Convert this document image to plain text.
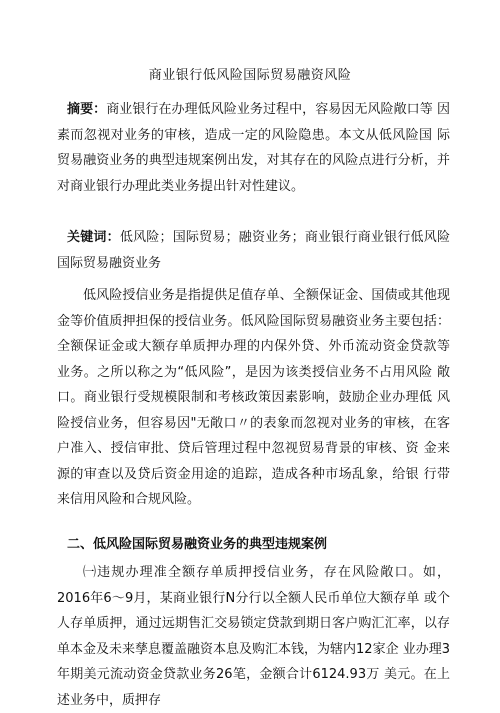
商业银行低风险国际贸易融资风险

摘要：商业银行在办理低风险业务过程中，容易因无风险敞口等 因素而忽视对业务的审核，造成一定的风险隐患。本文从低风险国 际贸易融资业务的典型违规案例出发，对其存在的风险点进行分析，并对商业银行办理此类业务提出针对性建议。

关键词：低风险；国际贸易；融资业务；商业银行商业银行低风险国际贸易融资业务

低风险授信业务是指提供足值存单、全额保证金、国债或其他现 金等价值质押担保的授信业务。低风险国际贸易融资业务主要包括：全额保证金或大额存单质押办理的内保外贷、外币流动资金贷款等 业务。之所以称之为“低风险”，是因为该类授信业务不占用风险 敞口。商业银行受规模限制和考核政策因素影响，鼓励企业办理低 风险授信业务，但容易因"无敞口〃的表象而忽视对业务的审核，在客户准入、授信审批、贷后管理过程中忽视贸易背景的审核、资 金来源的审查以及贷后资金用途的追踪，造成各种市场乱象，给银 行带来信用风险和合规风险。

二、低风险国际贸易融资业务的典型违规案例

㈠违规办理准全额存单质押授信业务，存在风险敞口。如，2016年6～9月，某商业银行N分行以全额人民币单位大额存单 或个人存单质押，通过远期售汇交易锁定贷款到期日客户购汇汇率，以存单本金及未来孳息覆盖融资本息及购汇本钱，为辖内12家企 业办理3年期美元流动资金贷款业务26笔，金额合计6124.93万 美元。在上述业务中，质押存
